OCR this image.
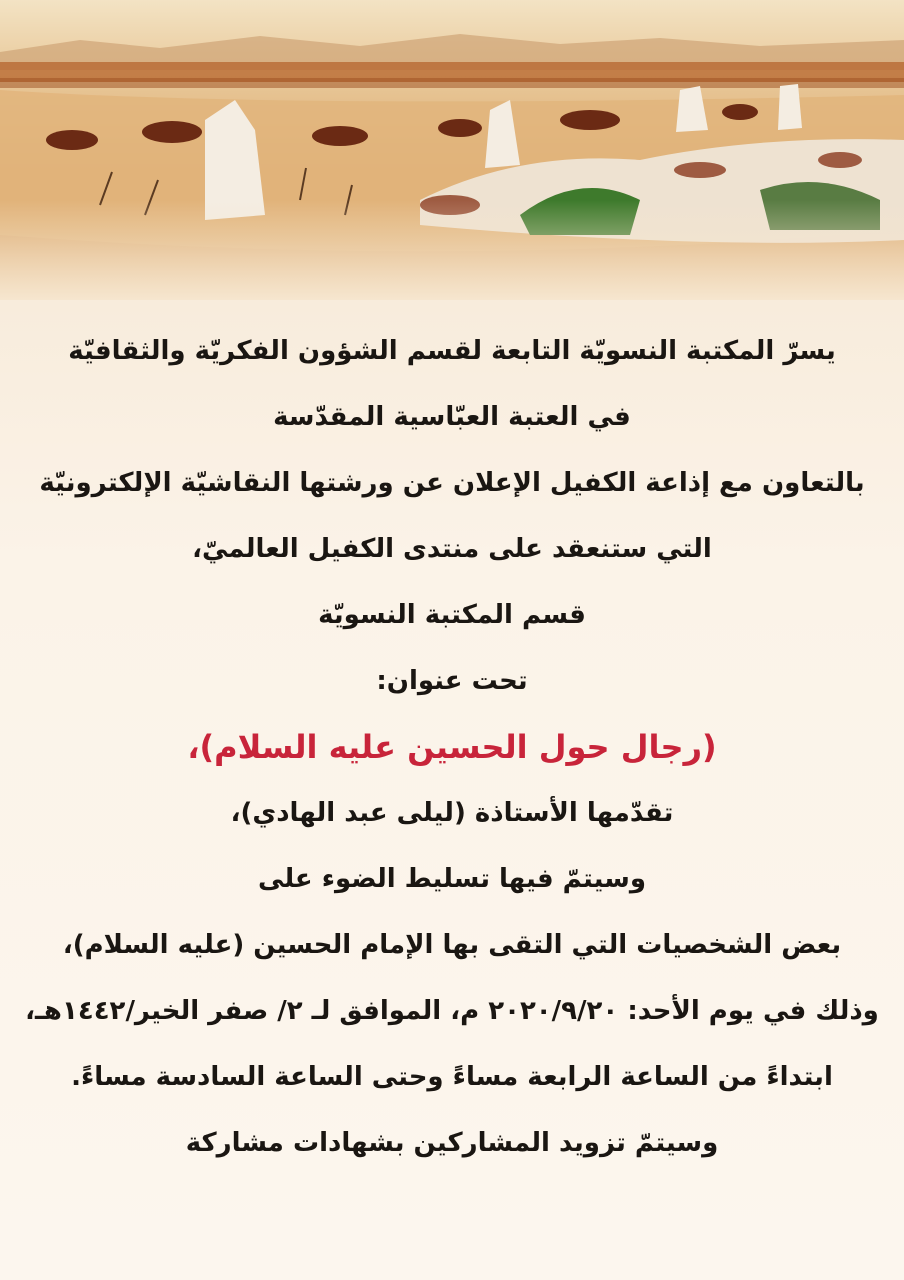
يسرّ المكتبة النسويّة التابعة لقسم الشؤون الفكريّة والثقافيّة
في العتبة العبّاسية المقدّسة
بالتعاون مع إذاعة الكفيل الإعلان عن ورشتها النقاشيّة الإلكترونيّة
التي ستنعقد على منتدى الكفيل العالميّ،
قسم المكتبة النسويّة
تحت عنوان:
(رجال حول الحسين عليه السلام)،
تقدّمها الأستاذة (ليلى عبد الهادي)،
وسيتمّ فيها تسليط الضوء على
بعض الشخصيات التي التقى بها الإمام الحسين (عليه السلام)،
وذلك في يوم الأحد: ٢٠٢٠/٩/٢٠ م، الموافق لـ ٢/ صفر الخير/١٤٤٢هـ،
ابتداءً من الساعة الرابعة مساءً وحتى الساعة السادسة مساءً.
وسيتمّ تزويد المشاركين بشهادات مشاركة
